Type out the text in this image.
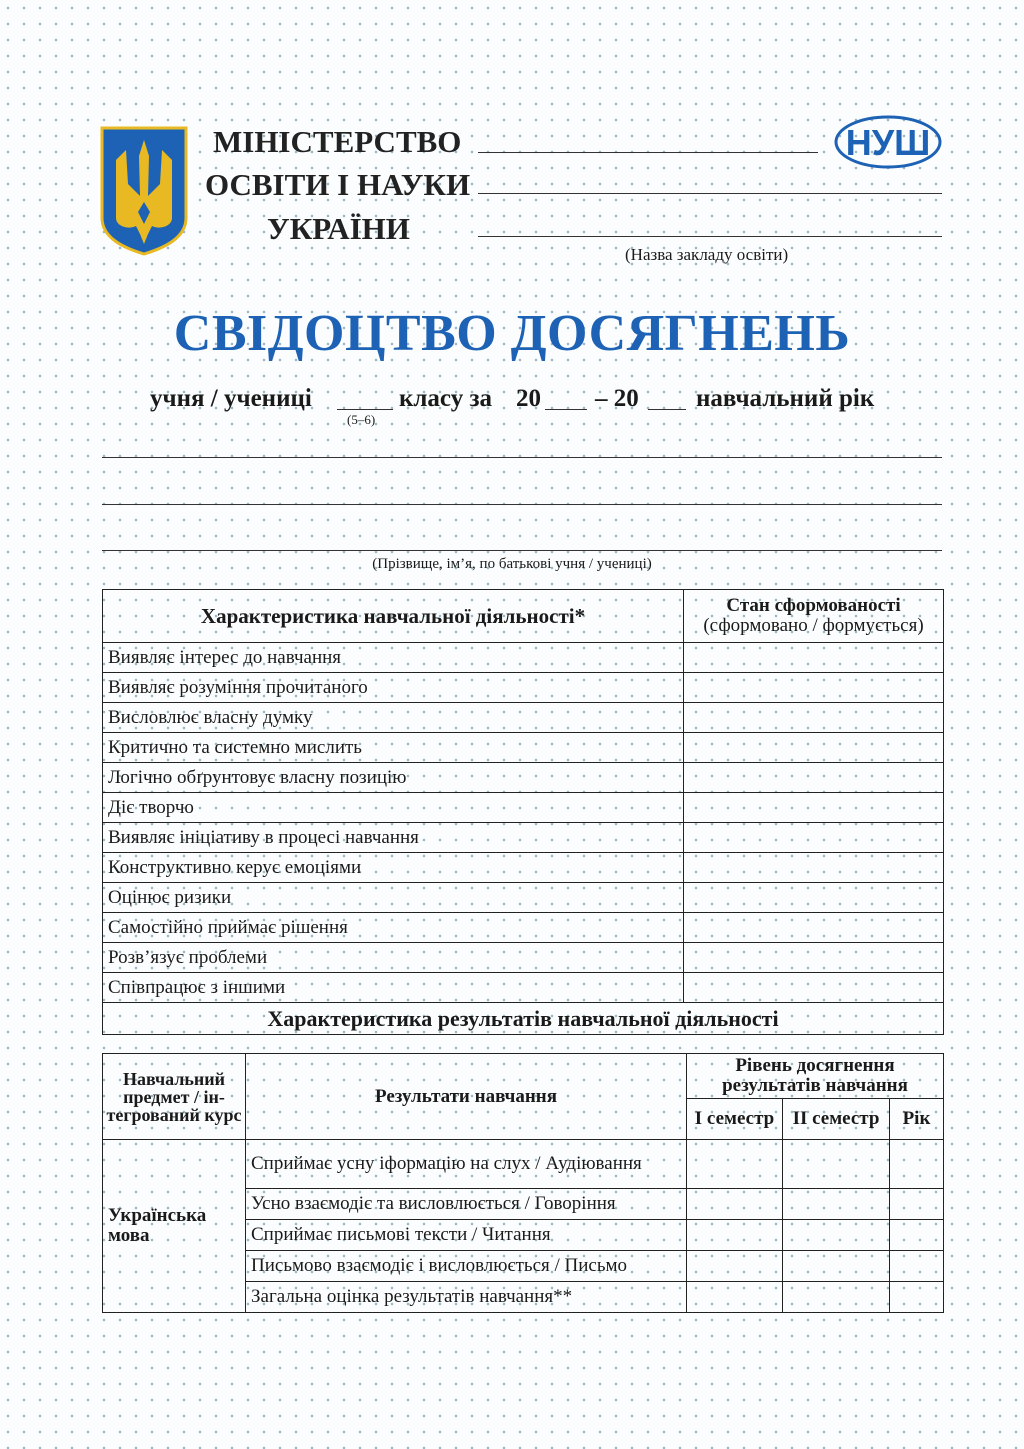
МІНІСТЕРСТВО
ОСВІТИ І НАУКИ
УКРАЇНИ
НУШ
(Назва закладу освіти)
СВІДОЦТВО ДОСЯГНЕНЬ
учня / учениці	класу за 20 – 20 навчальний рік
(5–6)
(Прізвище, ім’я, по батькові учня / учениці)
Характеристика навчальної діяльності*	Стан сформованості
(сформовано / формується)

Виявляє інтерес до навчання	
Виявляє розуміння прочитаного	
Висловлює власну думку	
Критично та системно мислить	
Логічно обґрунтовує власну позицію	
Діє творчо	
Виявляє ініціативу в процесі навчання	
Конструктивно керує емоціями	
Оцінює ризики	
Самостійно приймає рішення	
Розв’язує проблеми	
Співпрацює з іншими	
Характеристика результатів навчальної діяльності	
Навчальний предмет / ін-тегрований курс	Результати навчання	Рівень досягнення результатів навчання		
		І семестр	ІІ семестр	Рік
Українська мова	Сприймає усну іформацію на слух / Аудіювання			
	Усно взаємодіє та висловлюється / Говоріння			
	Сприймає письмові тексти / Читання			
	Письмово взаємодіє і висловлюється / Письмо			
	Загальна оцінка результатів навчання**			
